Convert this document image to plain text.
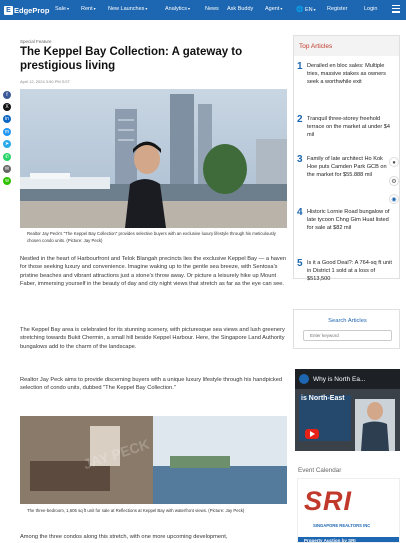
E EdgeProp Sale▾ Rent▾ New Launches▾	Analytics▾	News Ask Buddy Agent▾ 🌐 EN▾ Register	Login
f
X
in
m
➤
✆
✉
w
Special Feature
The Keppel Bay Collection: A gateway to prestigious living
April 12, 2024 3:50 PM SGT
Realtor Jay Peck's "The Keppel Bay Collection" provides selective buyers with an exclusive luxury lifestyle through his meticulously chosen condo units. (Picture: Jay Peck)
Nestled in the heart of Harbourfront and Telok Blangah precincts lies the exclusive Keppel Bay — a haven for those seeking luxury and convenience. Imagine waking up to the gentle sea breeze, with Sentosa's pristine beaches and vibrant attractions just a stone's throw away. Or picture a leisurely hike up Mount Faber, immersing yourself in the beauty of day and city night views that stretch as far as the eye can see.
The Keppel Bay area is celebrated for its stunning scenery, with picturesque sea views and lush greenery stretching towards Bukit Chermin, a small hill beside Keppel Harbour. Here, the Singapore Land Authority bungalows add to the charm of the landscape.
Realtor Jay Peck aims to provide discerning buyers with a unique luxury lifestyle through his handpicked selection of condo units, dubbed "The Keppel Bay Collection."
JAY PECK
The three-bedroom, 1,605 sq ft unit for sale at Reflections at Keppel Bay with waterfront views. (Picture: Jay Peck)
Among the three condos along this stretch, with one more upcoming development,
Top Articles
1 Derailed en bloc sales: Multiple tries, massive stakes as owners seek a worthwhile exit
2 Tranquil three-storey freehold terrace on the market at under $4 mil
3 Family of late architect Ho Kok Hoe puts Camden Park GCB on the market for $55.888 mil
4 Historic Lornie Road bungalow of late tycoon Chng Gim Huat listed for sale at $82 mil
5 Is it a Good Deal?: A 764-sq ft unit in District 1 sold at a loss of $513,500
●
⚙
◉
Search Articles
Enter keyword
Why is North Ea...
is North-East
Event Calendar
SRI
SINGAPORE REALTORS INC
Property Auction by SRI
